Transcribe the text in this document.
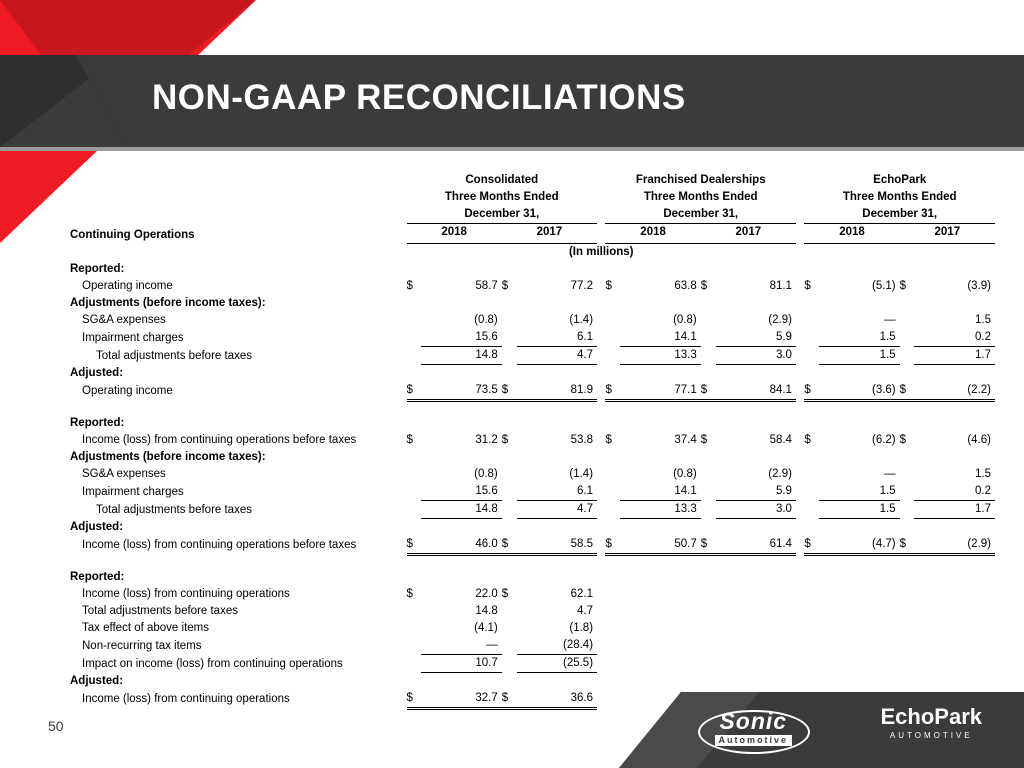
NON-GAAP RECONCILIATIONS
	Consolidated					Franchised Dealerships					EchoPark			
	Three Months Ended					Three Months Ended					Three Months Ended			
	December 31,					December 31,					December 31,			
Continuing Operations	2018		2017			2018		2017			2018		2017	
	(In millions)													
Reported:														
Operating income	$	58.7	$	77.2		$	63.8	$	81.1		$	(5.1)	$	(3.9)
Adjustments (before income taxes):														
SG&A expenses		(0.8)		(1.4)			(0.8)		(2.9)			—		1.5
Impairment charges		15.6		6.1			14.1		5.9			1.5		0.2
Total adjustments before taxes		14.8		4.7			13.3		3.0			1.5		1.7
Adjusted:														
Operating income	$	73.5	$	81.9		$	77.1	$	84.1		$	(3.6)	$	(2.2)

Reported:														
Income (loss) from continuing operations before taxes	$	31.2	$	53.8		$	37.4	$	58.4		$	(6.2)	$	(4.6)
Adjustments (before income taxes):														
SG&A expenses		(0.8)		(1.4)			(0.8)		(2.9)			—		1.5
Impairment charges		15.6		6.1			14.1		5.9			1.5		0.2
Total adjustments before taxes		14.8		4.7			13.3		3.0			1.5		1.7
Adjusted:														
Income (loss) from continuing operations before taxes	$	46.0	$	58.5		$	50.7	$	61.4		$	(4.7)	$	(2.9)

Reported:														
Income (loss) from continuing operations	$	22.0	$	62.1										
Total adjustments before taxes		14.8		4.7										
Tax effect of above items		(4.1)		(1.8)										
Non-recurring tax items		—		(28.4)										
Impact on income (loss) from continuing operations		10.7		(25.5)										
Adjusted:														
Income (loss) from continuing operations	$	32.7	$	36.6										
50	Sonic
Automotive
EchoPark
AUTOMOTIVE
